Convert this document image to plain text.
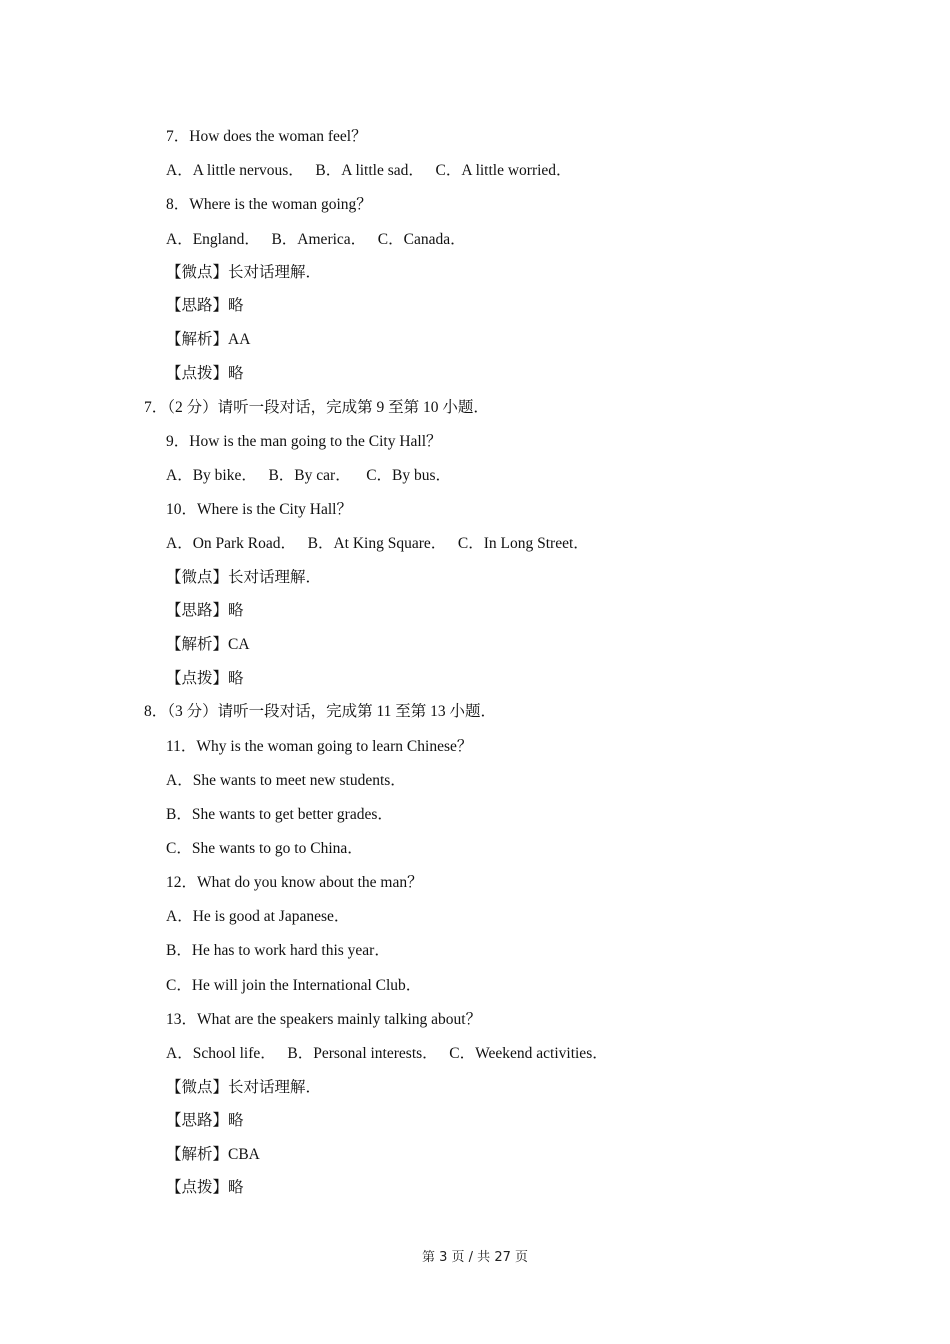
7．How does the woman feel？
A．A little nervous．   B．A little sad．   C．A little worried．
8．Where is the woman going？
A．England．   B．America．   C．Canada．
【微点】长对话理解．
【思路】略
【解析】AA
【点拨】略
7．（2 分）请听一段对话，完成第 9 至第 10 小题．
9．How is the man going to the City Hall？
A．By bike．   B．By car．    C．By bus．
10．Where is the City Hall？
A．On Park Road．   B．At King Square．   C．In Long Street．
【微点】长对话理解．
【思路】略
【解析】CA
【点拨】略
8．（3 分）请听一段对话，完成第 11 至第 13 小题．
11．Why is the woman going to learn Chinese？
A．She wants to meet new students．
B．She wants to get better grades．
C．She wants to go to China．
12．What do you know about the man？
A．He is good at Japanese．
B．He has to work hard this year．
C．He will join the International Club．
13．What are the speakers mainly talking about？
A．School life．   B．Personal interests．   C．Weekend activities．
【微点】长对话理解．
【思路】略
【解析】CBA
【点拨】略
第 3 页 / 共 27 页
